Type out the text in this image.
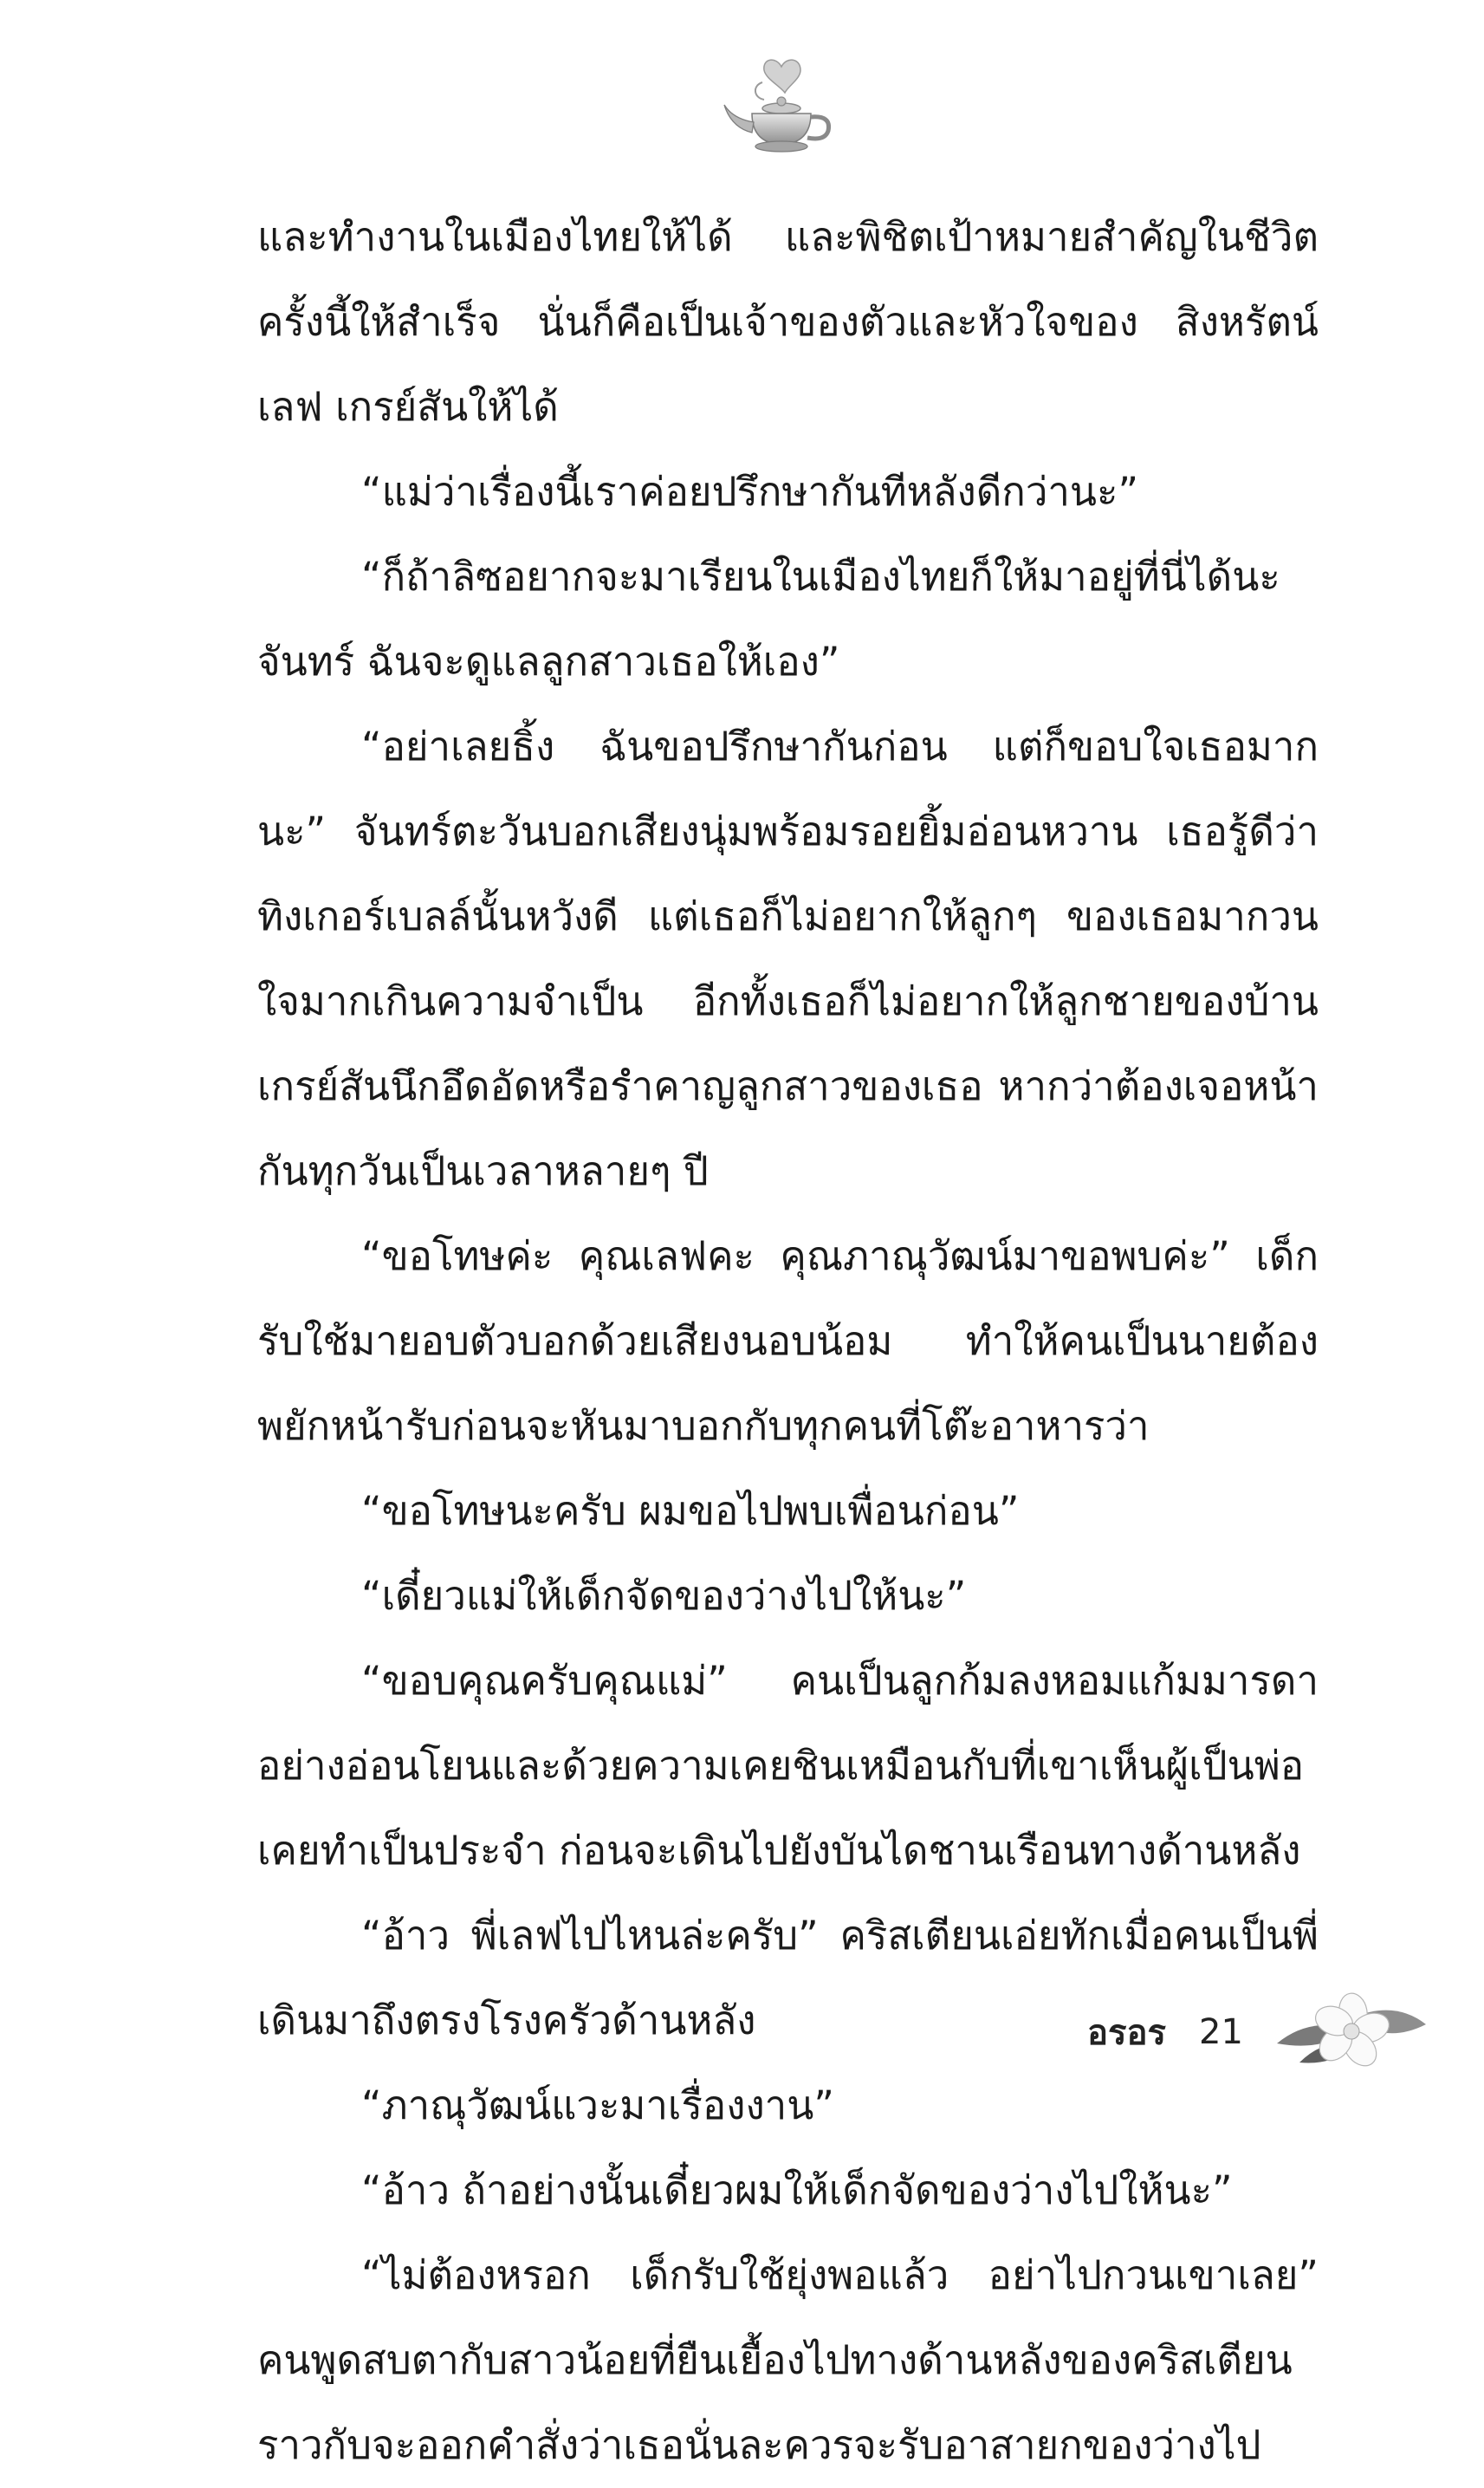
และทำงานในเมืองไทยให้ได้ และพิชิตเป้าหมายสำคัญในชีวิตครั้งนี้ให้สำเร็จ นั่นก็คือเป็นเจ้าของตัวและหัวใจของ สิงหรัตน์ เลฟ เกรย์สันให้ได้

“แม่ว่าเรื่องนี้เราค่อยปรึกษากันทีหลังดีกว่านะ”

“ก็ถ้าลิซอยากจะมาเรียนในเมืองไทยก็ให้มาอยู่ที่นี่ได้นะจันทร์ ฉันจะดูแลลูกสาวเธอให้เอง”

“อย่าเลยธิ้ง ฉันขอปรึกษากันก่อน แต่ก็ขอบใจเธอมากนะ” จันทร์ตะวันบอกเสียงนุ่มพร้อมรอยยิ้มอ่อนหวาน เธอรู้ดีว่าทิงเกอร์เบลล์นั้นหวังดี แต่เธอก็ไม่อยากให้ลูกๆ ของเธอมากวนใจมากเกินความจำเป็น อีกทั้งเธอก็ไม่อยากให้ลูกชายของบ้านเกรย์สันนึกอึดอัดหรือรำคาญลูกสาวของเธอ หากว่าต้องเจอหน้ากันทุกวันเป็นเวลาหลายๆ ปี

“ขอโทษค่ะ คุณเลฟคะ คุณภาณุวัฒน์มาขอพบค่ะ” เด็กรับใช้มายอบตัวบอกด้วยเสียงนอบน้อม ทำให้คนเป็นนายต้องพยักหน้ารับก่อนจะหันมาบอกกับทุกคนที่โต๊ะอาหารว่า

“ขอโทษนะครับ ผมขอไปพบเพื่อนก่อน”

“เดี๋ยวแม่ให้เด็กจัดของว่างไปให้นะ”

“ขอบคุณครับคุณแม่” คนเป็นลูกก้มลงหอมแก้มมารดาอย่างอ่อนโยนและด้วยความเคยชินเหมือนกับที่เขาเห็นผู้เป็นพ่อเคยทำเป็นประจำ ก่อนจะเดินไปยังบันไดชานเรือนทางด้านหลัง

“อ้าว พี่เลฟไปไหนล่ะครับ” คริสเตียนเอ่ยทักเมื่อคนเป็นพี่เดินมาถึงตรงโรงครัวด้านหลัง

“ภาณุวัฒน์แวะมาเรื่องงาน”

“อ้าว ถ้าอย่างนั้นเดี๋ยวผมให้เด็กจัดของว่างไปให้นะ”

“ไม่ต้องหรอก เด็กรับใช้ยุ่งพอแล้ว อย่าไปกวนเขาเลย” คนพูดสบตากับสาวน้อยที่ยืนเยื้องไปทางด้านหลังของคริสเตียนราวกับจะออกคำสั่งว่าเธอนั่นละควรจะรับอาสายกของว่างไป

อรอร 21
